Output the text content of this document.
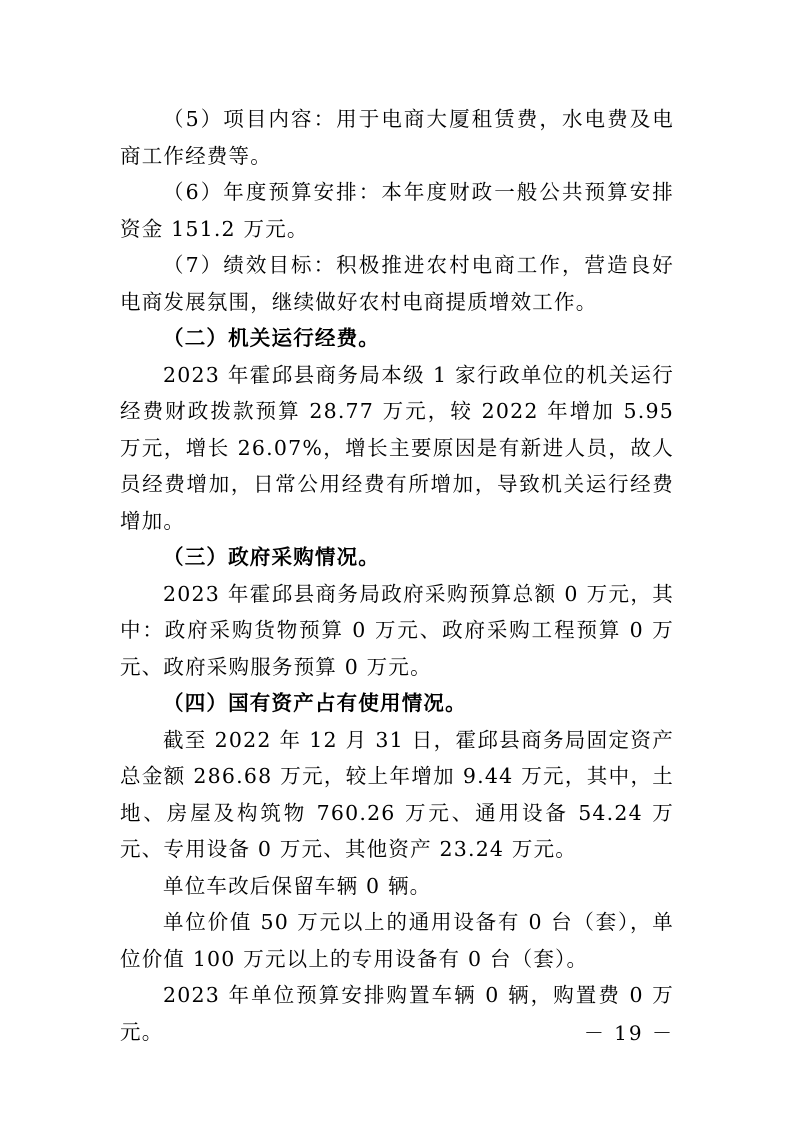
（5）项目内容：用于电商大厦租赁费，水电费及电商工作经费等。

（6）年度预算安排：本年度财政一般公共预算安排资金 151.2 万元。

（7）绩效目标：积极推进农村电商工作，营造良好电商发展氛围，继续做好农村电商提质增效工作。

（二）机关运行经费。

2023 年霍邱县商务局本级 1 家行政单位的机关运行经费财政拨款预算 28.77 万元，较 2022 年增加 5.95 万元，增长 26.07%，增长主要原因是有新进人员，故人员经费增加，日常公用经费有所增加，导致机关运行经费增加。

（三）政府采购情况。

2023 年霍邱县商务局政府采购预算总额 0 万元，其中：政府采购货物预算 0 万元、政府采购工程预算 0 万元、政府采购服务预算 0 万元。

（四）国有资产占有使用情况。

截至 2022 年 12 月 31 日，霍邱县商务局固定资产总金额 286.68 万元，较上年增加 9.44 万元，其中，土地、房屋及构筑物 760.26 万元、通用设备 54.24 万元、专用设备 0 万元、其他资产 23.24 万元。

单位车改后保留车辆 0 辆。

单位价值 50 万元以上的通用设备有 0 台（套），单位价值 100 万元以上的专用设备有 0 台（套）。

2023 年单位预算安排购置车辆 0 辆，购置费 0 万元。	－ 19 －
